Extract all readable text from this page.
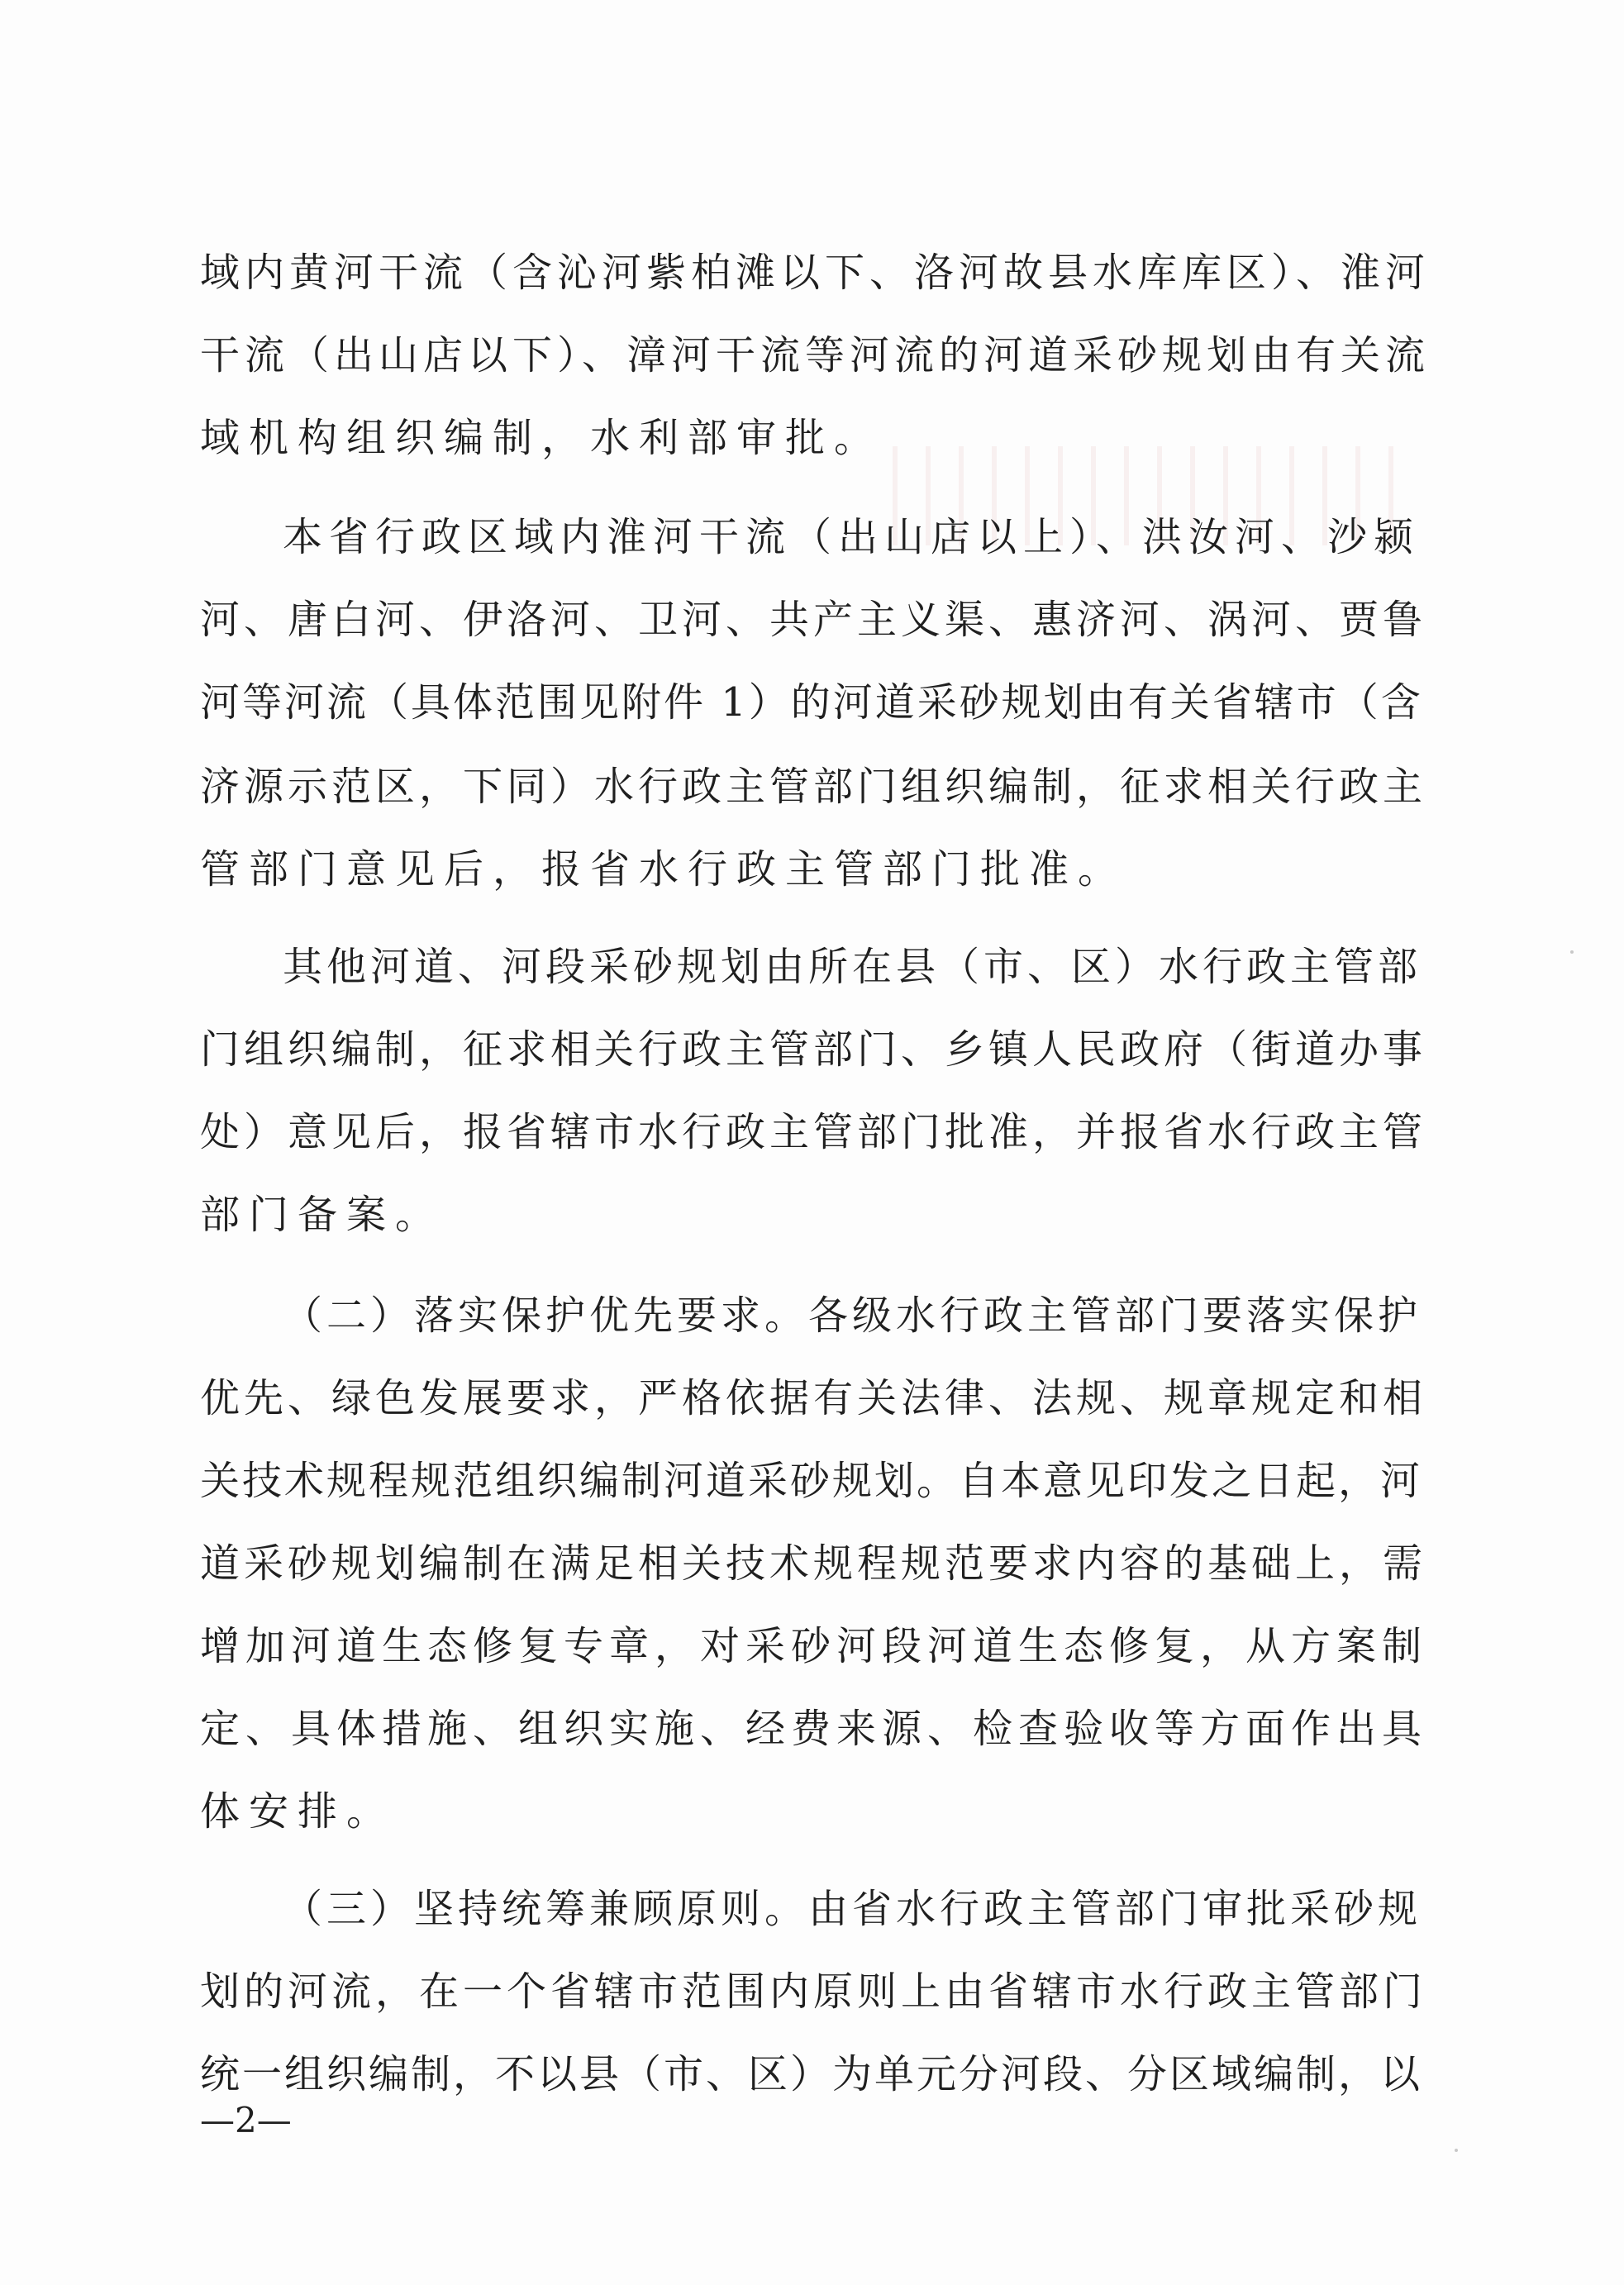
域内黄河干流（含沁河紫柏滩以下、洛河故县水库库区）、淮河
干流（出山店以下）、漳河干流等河流的河道采砂规划由有关流
域机构组织编制，水利部审批。
本省行政区域内淮河干流（出山店以上）、洪汝河、沙颍
河、唐白河、伊洛河、卫河、共产主义渠、惠济河、涡河、贾鲁
河等河流（具体范围见附件 1）的河道采砂规划由有关省辖市（含
济源示范区，下同）水行政主管部门组织编制，征求相关行政主
管部门意见后，报省水行政主管部门批准。
其他河道、河段采砂规划由所在县（市、区）水行政主管部
门组织编制，征求相关行政主管部门、乡镇人民政府（街道办事
处）意见后，报省辖市水行政主管部门批准，并报省水行政主管
部门备案。
（二）落实保护优先要求。各级水行政主管部门要落实保护
优先、绿色发展要求，严格依据有关法律、法规、规章规定和相
关技术规程规范组织编制河道采砂规划。自本意见印发之日起，河
道采砂规划编制在满足相关技术规程规范要求内容的基础上，需
增加河道生态修复专章，对采砂河段河道生态修复，从方案制
定、具体措施、组织实施、经费来源、检查验收等方面作出具
体安排。
（三）坚持统筹兼顾原则。由省水行政主管部门审批采砂规
划的河流，在一个省辖市范围内原则上由省辖市水行政主管部门
统一组织编制，不以县（市、区）为单元分河段、分区域编制，以
—2—
